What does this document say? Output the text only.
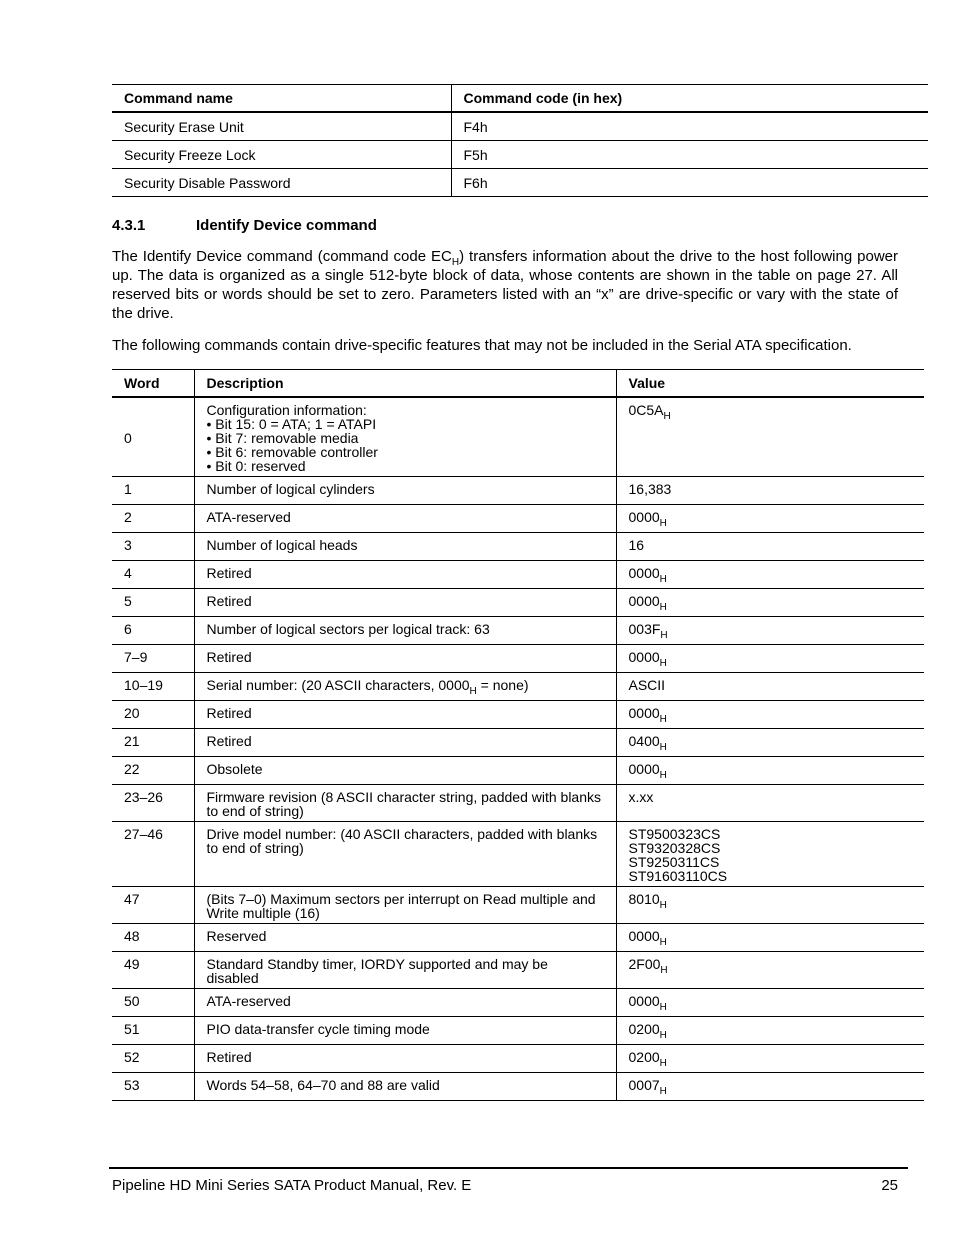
Command name	Command code (in hex)
Security Erase Unit	F4h
Security Freeze Lock	F5h
Security Disable Password	F6h
4.3.1	Identify Device command
The Identify Device command (command code $EC_H$) transfers information about the drive to the host following power up. The data is organized as a single 512-byte block of data, whose contents are shown in the table on page 27. All reserved bits or words should be set to zero. Parameters listed with an “x” are drive-specific or vary with the state of the drive.
The following commands contain drive-specific features that may not be included in the Serial ATA specification.
Word	Description	Value
0	Configuration information:
• Bit 15: 0 = ATA; 1 = ATAPI
• Bit 7: removable media
• Bit 6: removable controller
• Bit 0: reserved	$0C5A_H$

1	Number of logical cylinders	16,383

2	ATA-reserved	$0000_H$

3	Number of logical heads	16

4	Retired	$0000_H$

5	Retired	$0000_H$

6	Number of logical sectors per logical track: 63	$003F_H$

7–9	Retired	$0000_H$

10–19	Serial number: (20 ASCII characters, $0000_H$ = none)	ASCII

20	Retired	$0000_H$

21	Retired	$0400_H$

22	Obsolete	$0000_H$

23–26	Firmware revision (8 ASCII character string, padded with blanks
to end of string)	x.xx

27–46	Drive model number: (40 ASCII characters, padded with blanks
to end of string)	ST9500323CS
ST9320328CS
ST9250311CS
ST91603110CS

47	(Bits 7–0) Maximum sectors per interrupt on Read multiple and
Write multiple (16)	$8010_H$

48	Reserved	$0000_H$

49	Standard Standby timer, IORDY supported and may be disabled	$2F00_H$

50	ATA-reserved	$0000_H$

51	PIO data-transfer cycle timing mode	$0200_H$

52	Retired	$0200_H$

53	Words 54–58, 64–70 and 88 are valid	$0007_H$
Pipeline HD Mini Series SATA Product Manual, Rev. E	25
